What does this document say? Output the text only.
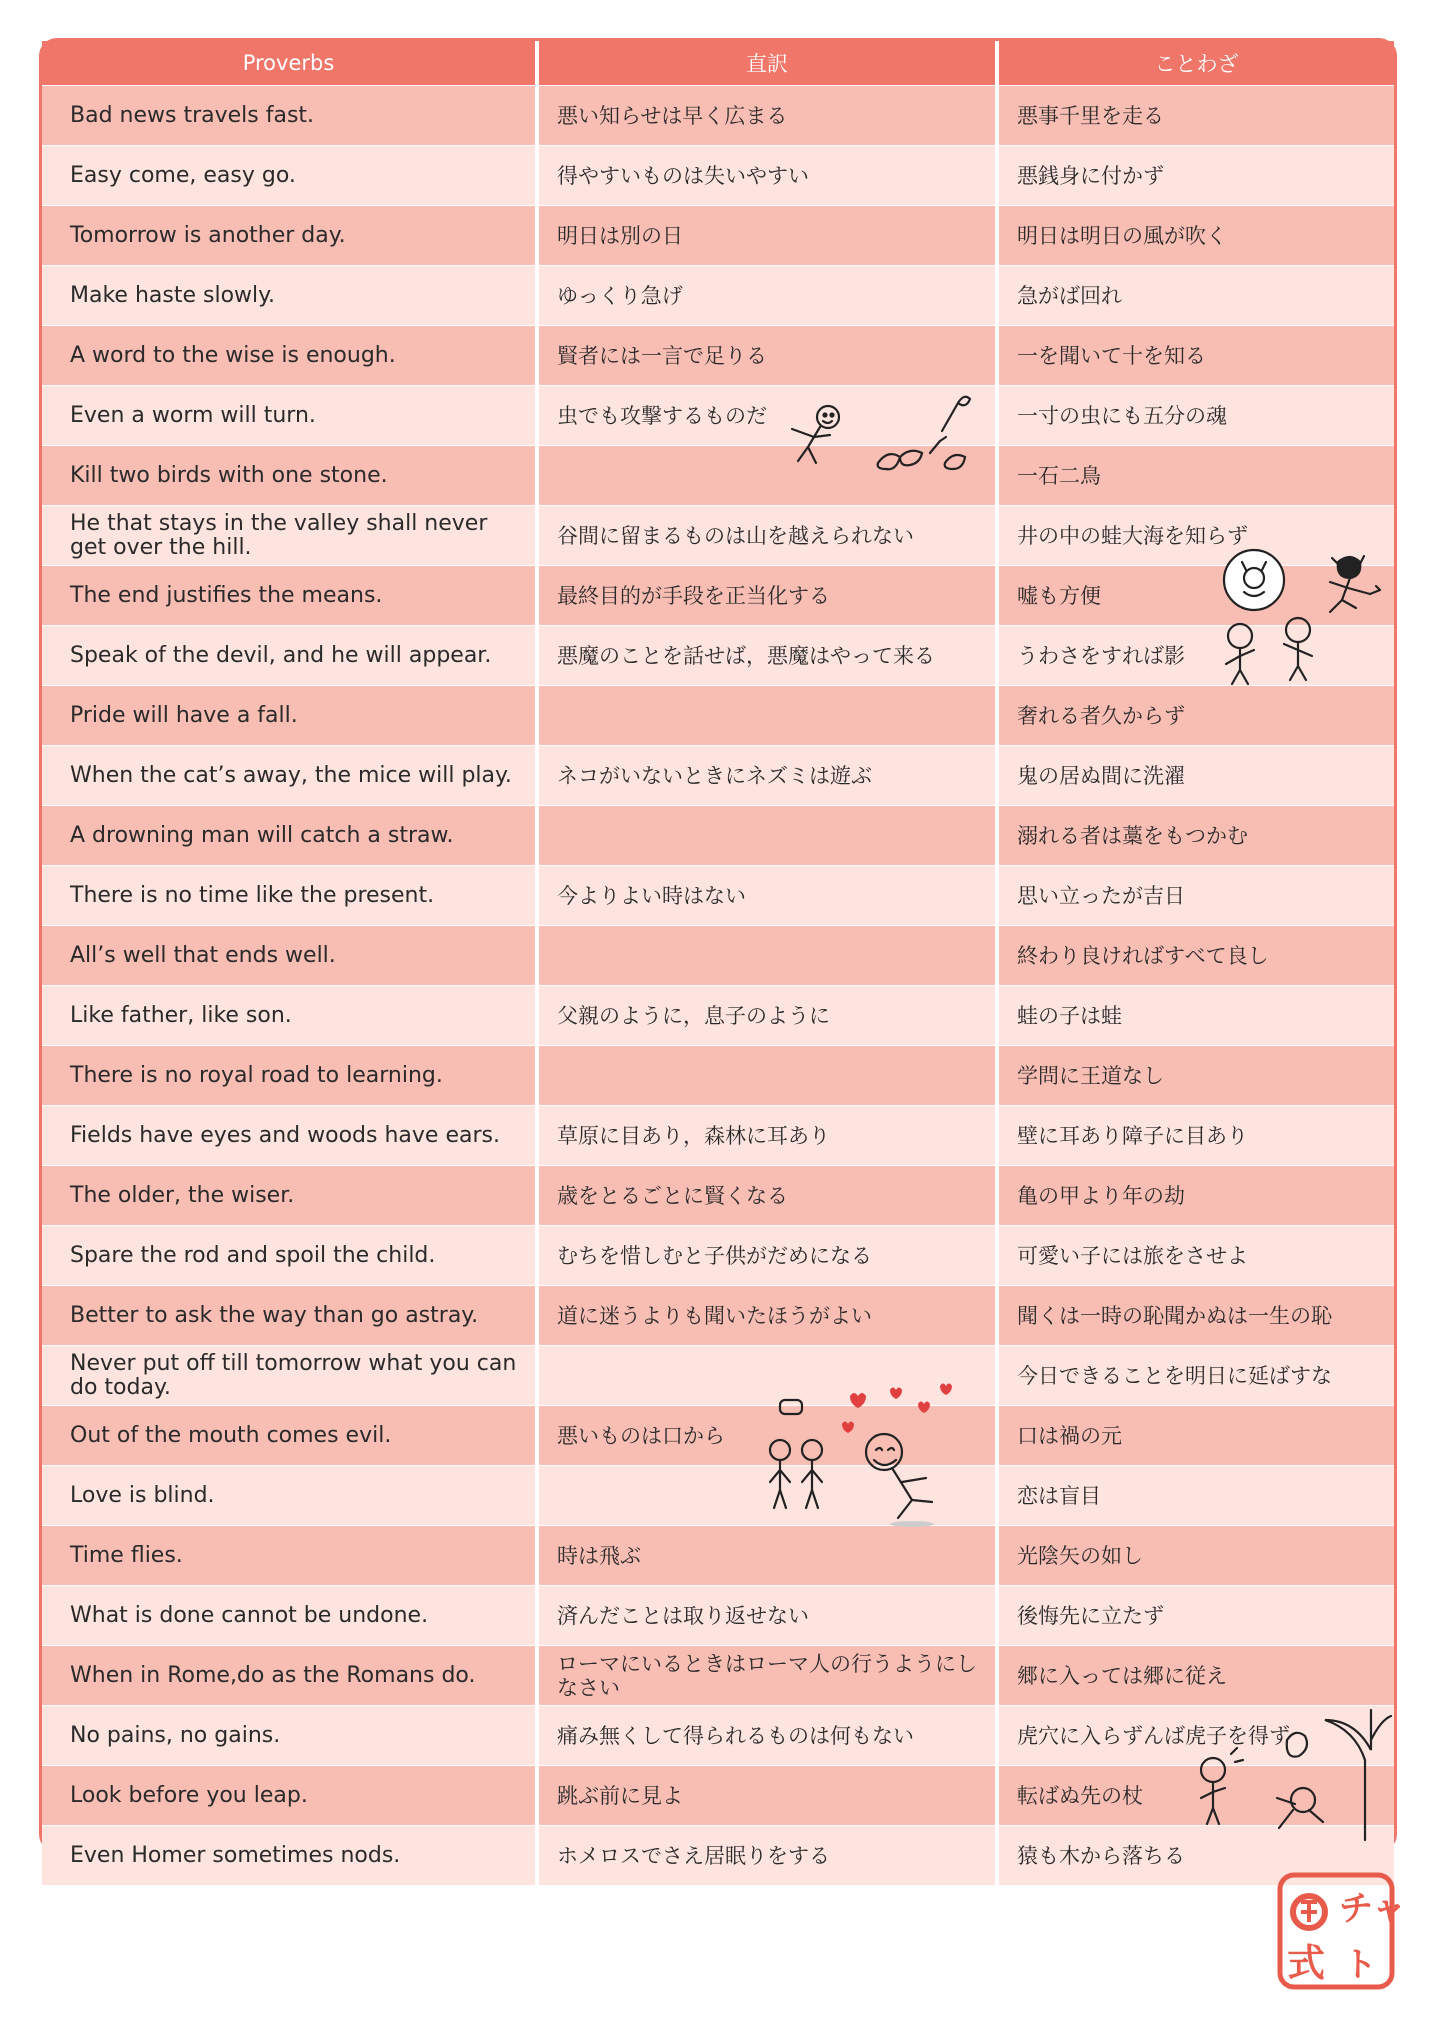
Proverbs	直訳	ことわざ
Bad news travels fast.	悪い知らせは早く広まる	悪事千里を走る
Easy come, easy go.	得やすいものは失いやすい	悪銭身に付かず
Tomorrow is another day.	明日は別の日	明日は明日の風が吹く
Make haste slowly.	ゆっくり急げ	急がば回れ
A word to the wise is enough.	賢者には一言で足りる	一を聞いて十を知る
Even a worm will turn.	虫でも攻撃するものだ	一寸の虫にも五分の魂
Kill two birds with one stone.		一石二鳥
He that stays in the valley shall never get over the hill.	谷間に留まるものは山を越えられない	井の中の蛙大海を知らず
The end justifies the means.	最終目的が手段を正当化する	嘘も方便
Speak of the devil, and he will appear.	悪魔のことを話せば，悪魔はやって来る	うわさをすれば影
Pride will have a fall.		奢れる者久からず
When the cat’s away, the mice will play.	ネコがいないときにネズミは遊ぶ	鬼の居ぬ間に洗濯
A drowning man will catch a straw.		溺れる者は藁をもつかむ
There is no time like the present.	今よりよい時はない	思い立ったが吉日
All’s well that ends well.		終わり良ければすべて良し
Like father, like son.	父親のように，息子のように	蛙の子は蛙
There is no royal road to learning.		学問に王道なし
Fields have eyes and woods have ears.	草原に目あり，森林に耳あり	壁に耳あり障子に目あり
The older, the wiser.	歳をとるごとに賢くなる	亀の甲より年の劫
Spare the rod and spoil the child.	むちを惜しむと子供がだめになる	可愛い子には旅をさせよ
Better to ask the way than go astray.	道に迷うよりも聞いたほうがよい	聞くは一時の恥聞かぬは一生の恥
Never put off till tomorrow what you can do today.		今日できることを明日に延ばすな
Out of the mouth comes evil.	悪いものは口から	口は禍の元
Love is blind.		恋は盲目
Time flies.	時は飛ぶ	光陰矢の如し
What is done cannot be undone.	済んだことは取り返せない	後悔先に立たず
When in Rome,do as the Romans do.	ローマにいるときはローマ人の行うようにしなさい	郷に入っては郷に従え
No pains, no gains.	痛み無くして得られるものは何もない	虎穴に入らずんば虎子を得ず
Look before you leap.	跳ぶ前に見よ	転ばぬ先の杖
Even Homer sometimes nods.	ホメロスでさえ居眠りをする	猿も木から落ちる
チャ
式 ト
